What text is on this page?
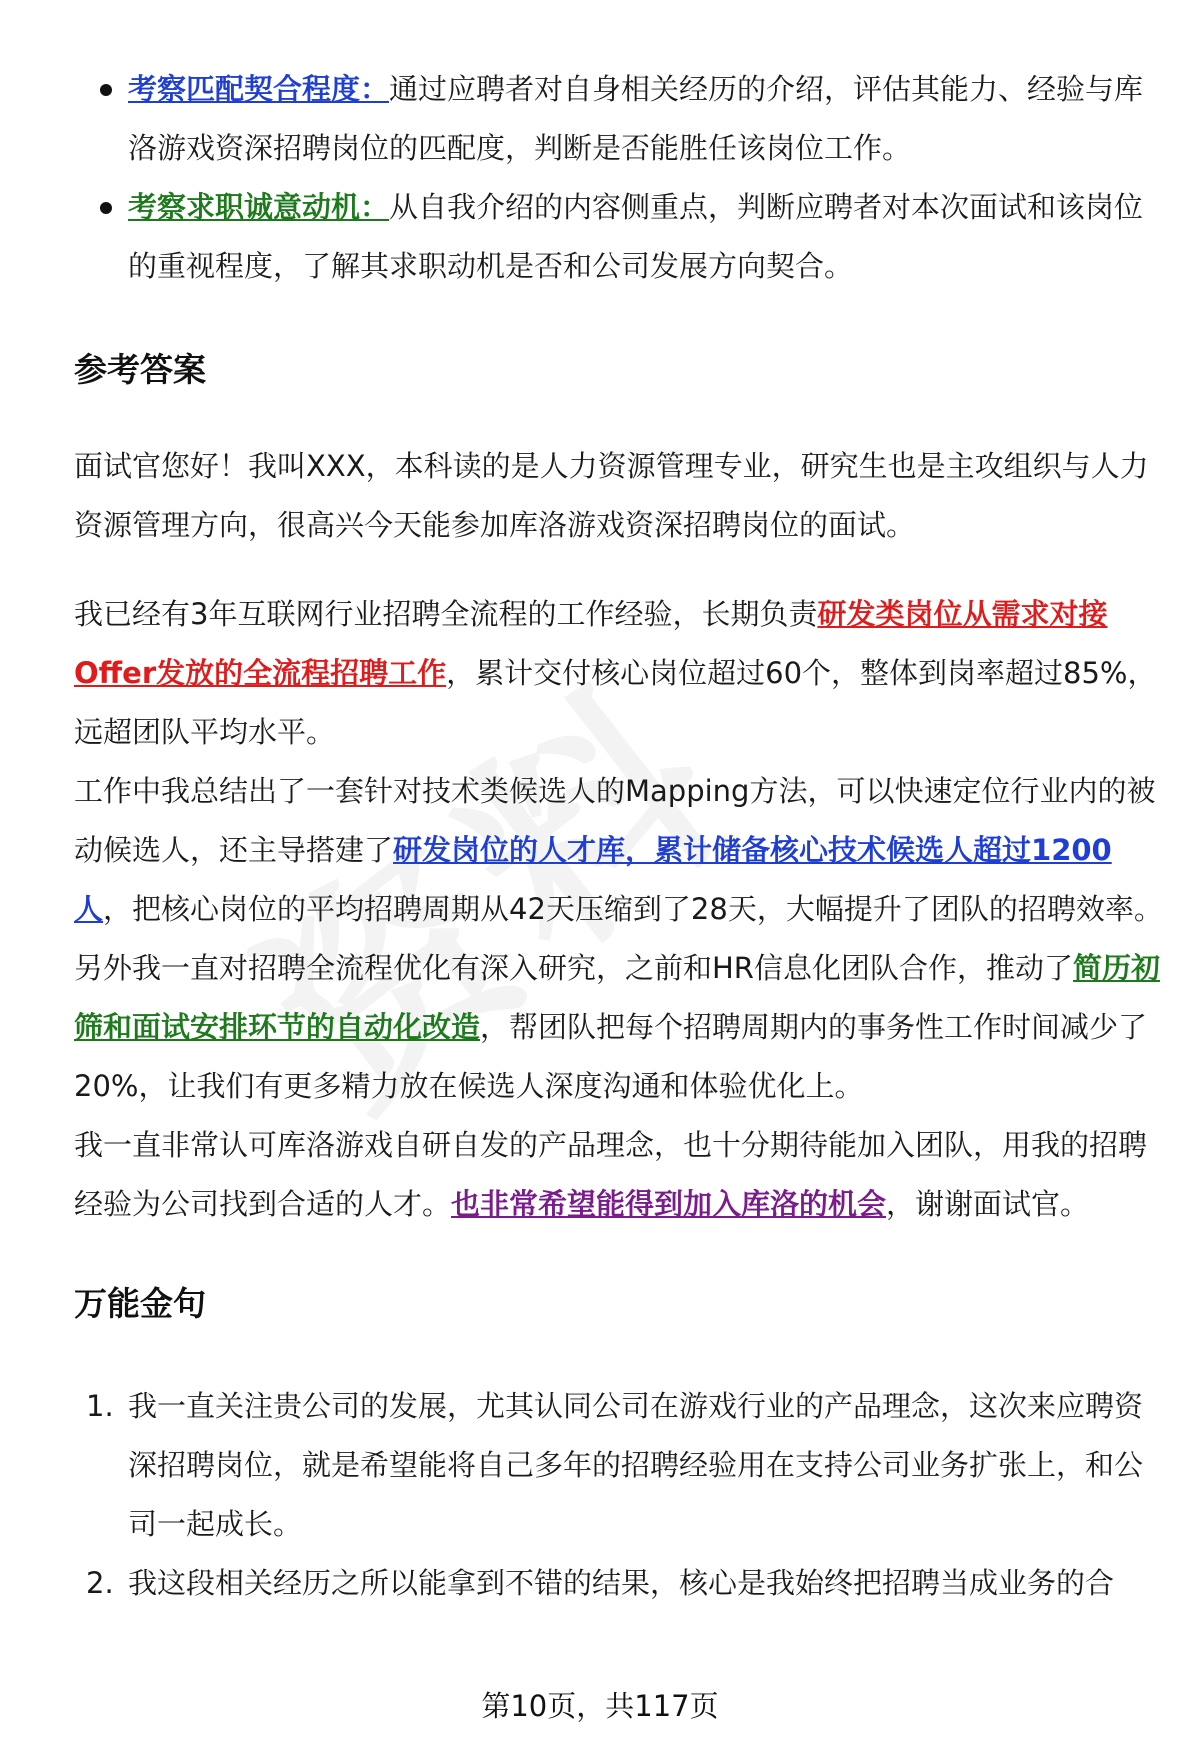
考察匹配契合程度：通过应聘者对自身相关经历的介绍，评估其能力、经验与库洛游戏资深招聘岗位的匹配度，判断是否能胜任该岗位工作。
考察求职诚意动机：从自我介绍的内容侧重点，判断应聘者对本次面试和该岗位的重视程度，了解其求职动机是否和公司发展方向契合。
参考答案

面试官您好！我叫XXX，本科读的是人力资源管理专业，研究生也是主攻组织与人力资源管理方向，很高兴今天能参加库洛游戏资深招聘岗位的面试。

我已经有3年互联网行业招聘全流程的工作经验，长期负责研发类岗位从需求对接Offer发放的全流程招聘工作，累计交付核心岗位超过60个，整体到岗率超过85%，远超团队平均水平。

工作中我总结出了一套针对技术类候选人的Mapping方法，可以快速定位行业内的被动候选人，还主导搭建了研发岗位的人才库，累计储备核心技术候选人超过1200人，把核心岗位的平均招聘周期从42天压缩到了28天，大幅提升了团队的招聘效率。

另外我一直对招聘全流程优化有深入研究，之前和HR信息化团队合作，推动了简历初筛和面试安排环节的自动化改造，帮团队把每个招聘周期内的事务性工作时间减少了20%，让我们有更多精力放在候选人深度沟通和体验优化上。

我一直非常认可库洛游戏自研自发的产品理念，也十分期待能加入团队，用我的招聘经验为公司找到合适的人才。也非常希望能得到加入库洛的机会，谢谢面试官。

万能金句
1. 我一直关注贵公司的发展，尤其认同公司在游戏行业的产品理念，这次来应聘资深招聘岗位，就是希望能将自己多年的招聘经验用在支持公司业务扩张上，和公司一起成长。
2. 我这段相关经历之所以能拿到不错的结果，核心是我始终把招聘当成业务的合
第10页，共117页
